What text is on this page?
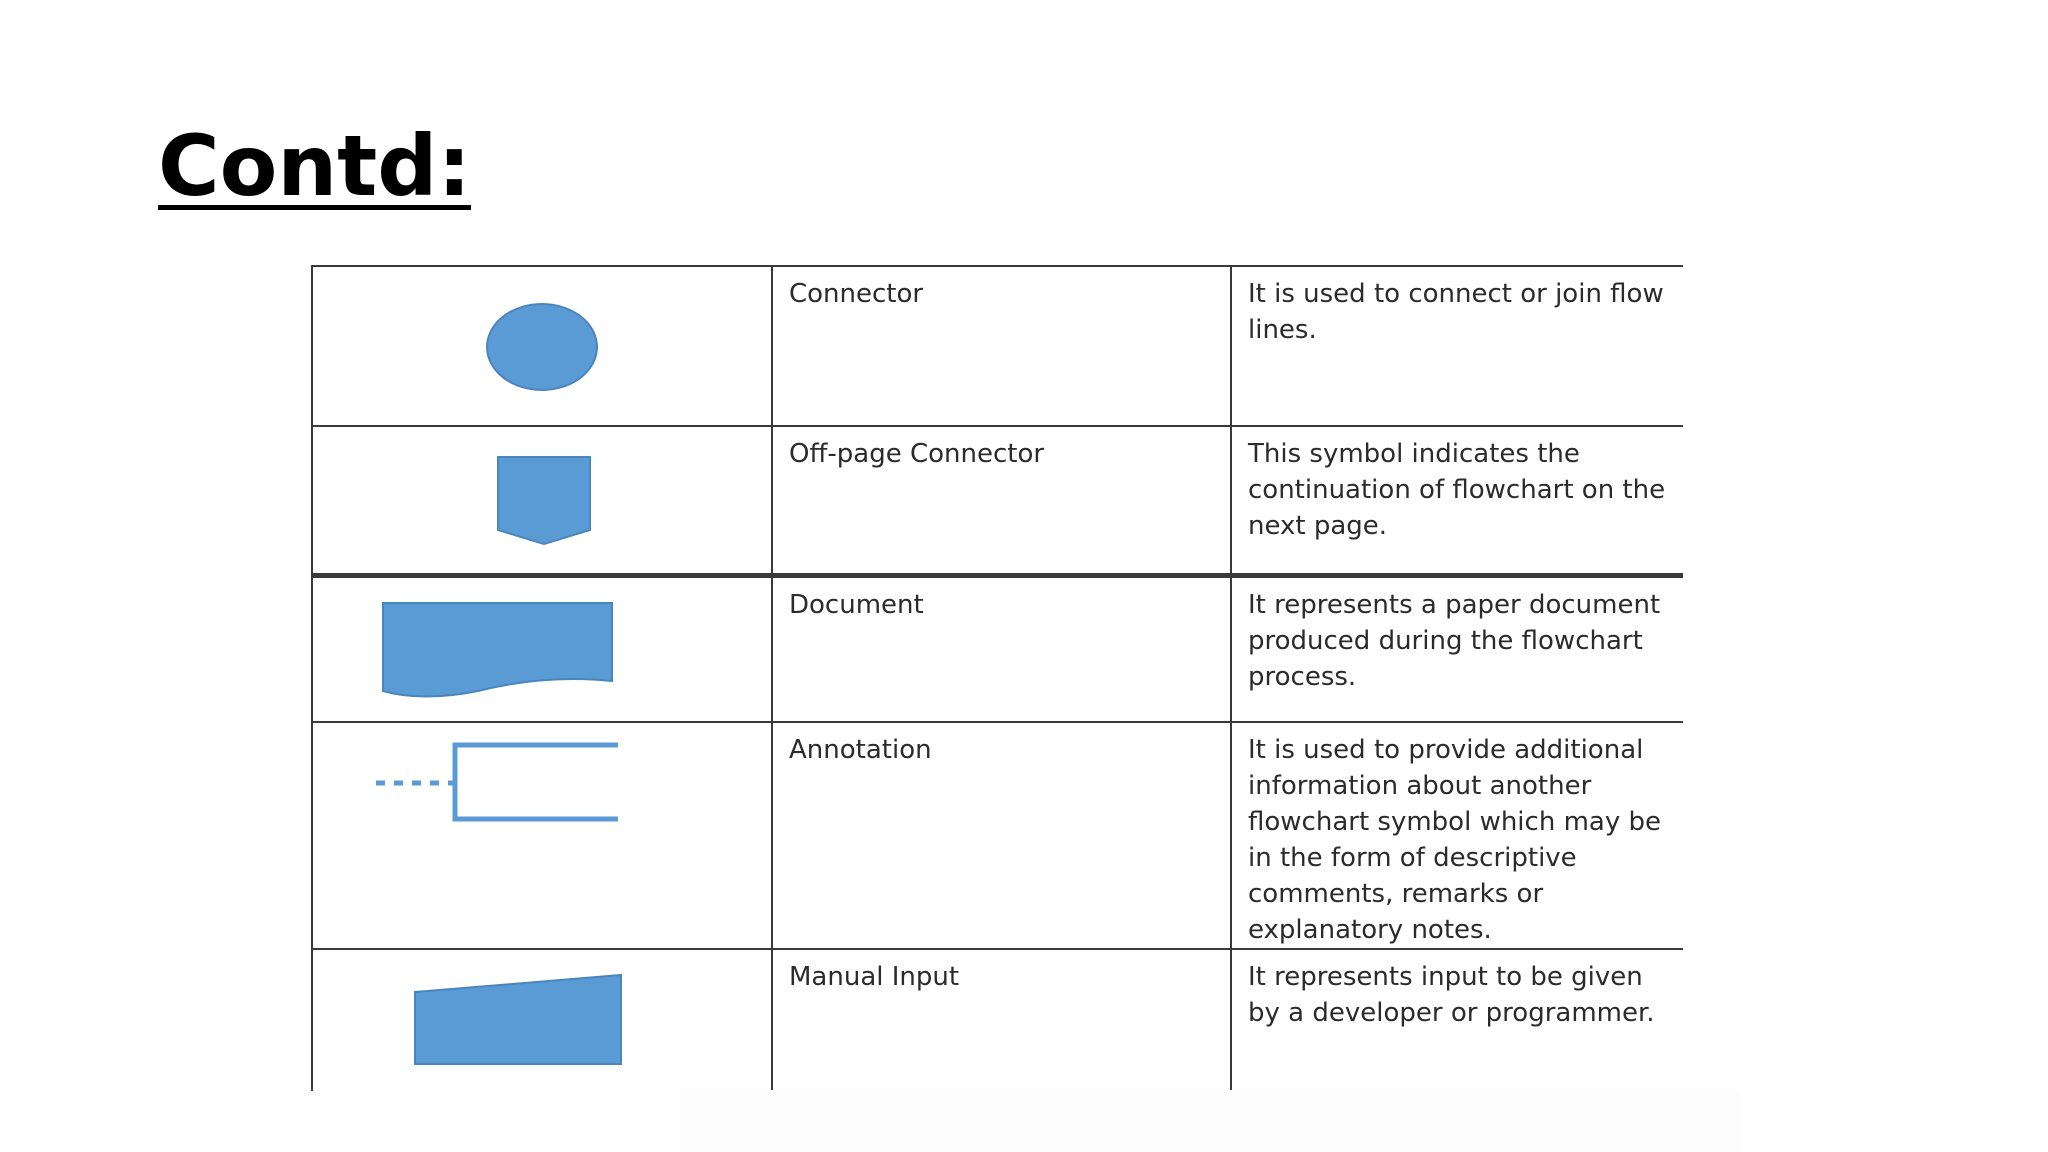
Contd:

Connector	It is used to connect or join flow lines.

Off-page Connector	This symbol indicates the continuation of flowchart on the next page.

Document	It represents a paper document produced during the flowchart process.

Annotation	It is used to provide additional information about another flowchart symbol which may be in the form of descriptive comments, remarks or explanatory notes.

Manual Input	It represents input to be given by a developer or programmer.
